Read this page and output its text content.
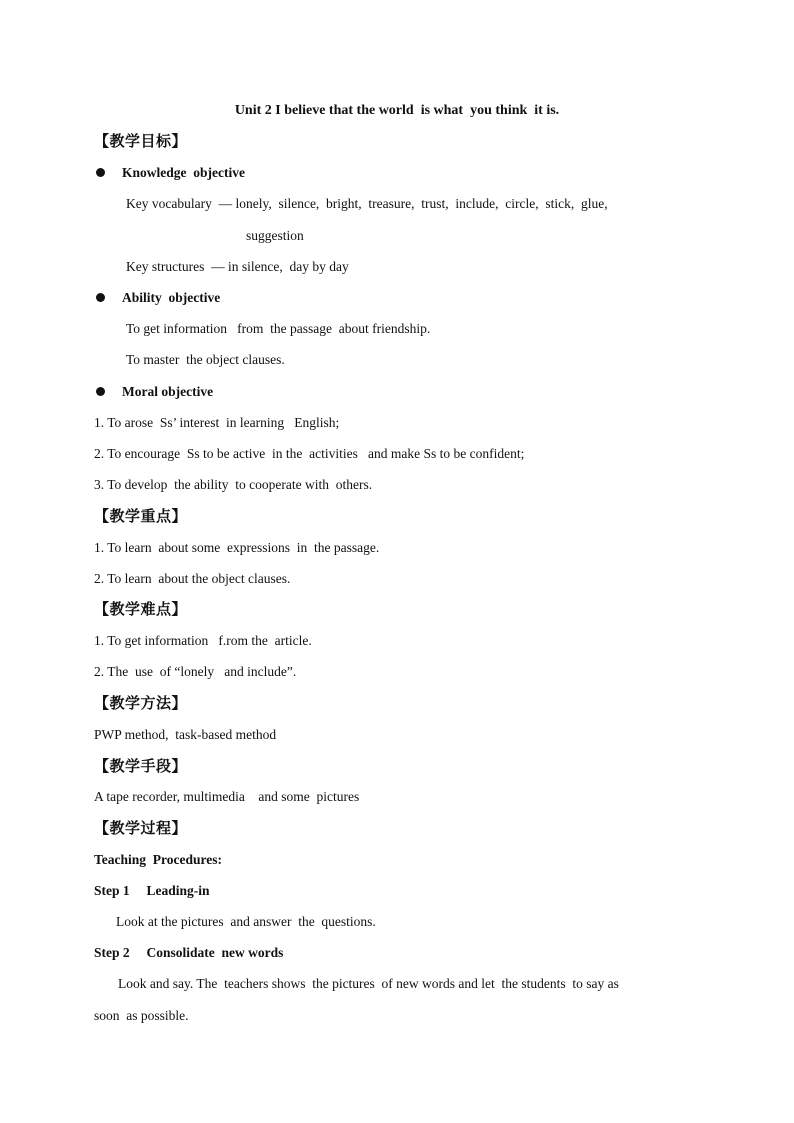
Unit 2 I believe that the world  is what  you think  it is.
【教学目标】
Knowledge  objective
Key vocabulary  — lonely,  silence,  bright,  treasure,  trust,  include,  circle,  stick,  glue,
suggestion
Key structures  — in silence,  day by day
Ability  objective
To get information   from  the passage  about friendship.
To master  the object clauses.
Moral objective
1. To arose  Ss’ interest  in learning   English;
2. To encourage  Ss to be active  in the  activities   and make Ss to be confident;
3. To develop  the ability  to cooperate with  others.
【教学重点】
1. To learn  about some  expressions  in  the passage.
2. To learn  about the object clauses.
【教学难点】
1. To get information   f.rom the  article.
2. The  use  of “lonely   and include”.
【教学方法】
PWP method,  task-based method
【教学手段】
A tape recorder, multimedia    and some  pictures
【教学过程】
Teaching  Procedures:
Step 1     Leading-in
Look at the pictures  and answer  the  questions.
Step 2     Consolidate  new words
Look and say. The  teachers shows  the pictures  of new words and let  the students  to say as
soon  as possible.
